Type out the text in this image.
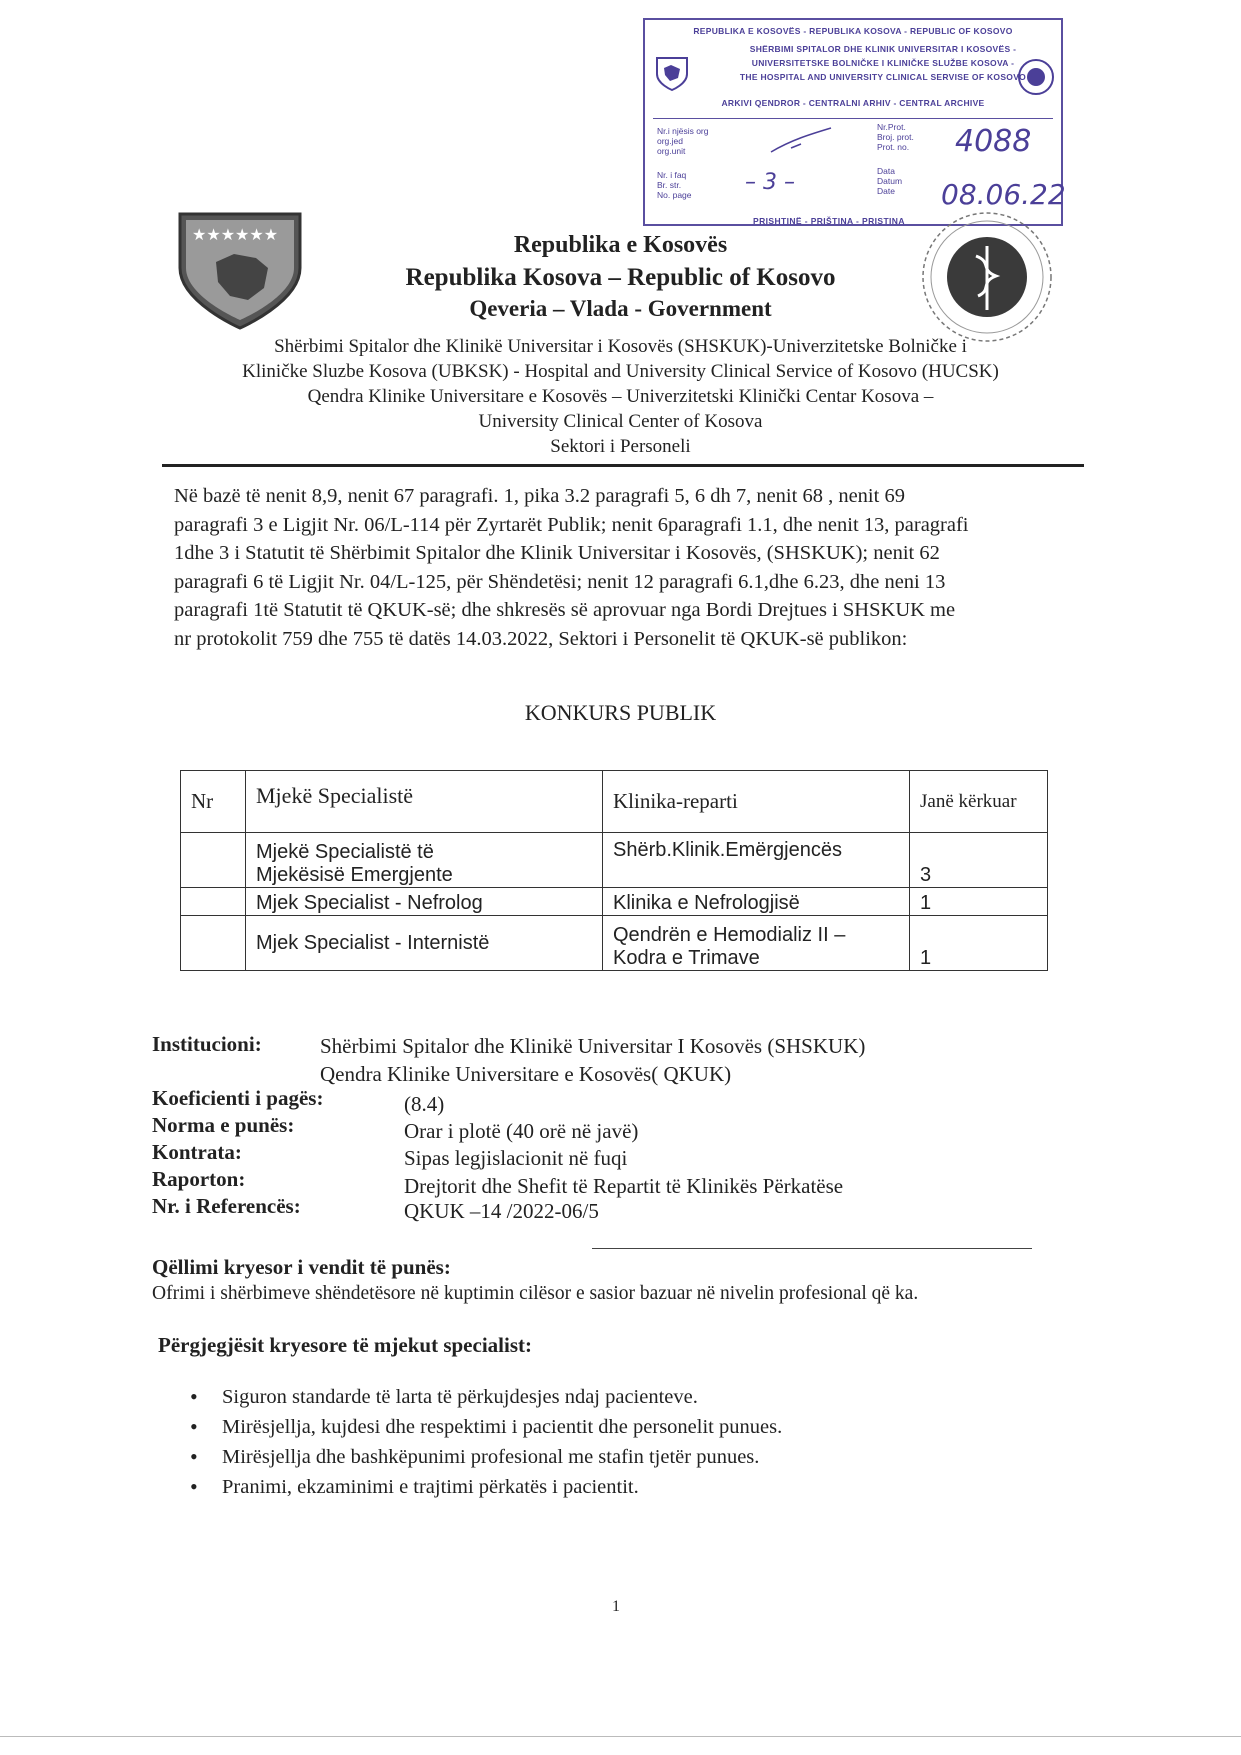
REPUBLIKA E KOSOVËS - REPUBLIKA KOSOVA - REPUBLIC OF KOSOVO
SHËRBIMI SPITALOR DHE KLINIK UNIVERSITAR I KOSOVËS -
UNIVERSITETSKE BOLNIČKE I KLINIČKE SLUŽBE KOSOVA -
THE HOSPITAL AND UNIVERSITY CLINICAL SERVISE OF KOSOVO
ARKIVI QENDROR - CENTRALNI ARHIV - CENTRAL ARCHIVE
Nr.i njësis org
org.jed
org.unit
Nr. i faq
Br. str.
No. page
Nr.Prot.
Broj. prot.
Prot. no.
Data
Datum
Date
– 3 –
4088
08.06.22
PRISHTINË - PRIŠTINA - PRISTINA
★★★★★★	Republika e Kosovës
Republika Kosova – Republic of Kosovo
Qeveria – Vlada - Government
Shërbimi Spitalor dhe Klinikë Universitar i Kosovës (SHSKUK)-Univerzitetske Bolničke i
Kliničke Sluzbe Kosova (UBKSK) - Hospital and University Clinical Service of Kosovo (HUCSK)
Qendra Klinike Universitare e Kosovës – Univerzitetski Klinički Centar Kosova –
University Clinical Center of Kosova
Sektori i Personeli
Në bazë të nenit 8,9, nenit 67 paragrafi. 1, pika 3.2 paragrafi 5, 6 dh 7, nenit 68 , nenit 69
paragrafi 3 e Ligjit Nr. 06/L-114 për Zyrtarët Publik; nenit 6paragrafi 1.1, dhe nenit 13, paragrafi
1dhe 3 i Statutit të Shërbimit Spitalor dhe Klinik Universitar i Kosovës, (SHSKUK); nenit 62
paragrafi 6 të Ligjit Nr. 04/L-125, për Shëndetësi; nenit 12 paragrafi 6.1,dhe 6.23, dhe neni 13
paragrafi 1të Statutit të QKUK-së; dhe shkresës së aprovuar nga Bordi Drejtues i SHSKUK me
nr protokolit 759 dhe 755 të datës 14.03.2022, Sektori i Personelit të QKUK-së publikon:
KONKURS PUBLIK
Nr	Mjekë Specialistë	Klinika-reparti	Janë kërkuar

	Mjekë Specialistë të
Mjekësisë Emergjente	Shërb.Klinik.Emërgjencës	3
	Mjek Specialist - Nefrolog	Klinika e Nefrologjisë	1
	Mjek Specialist - Internistë	Qendrën e Hemodializ II –
Kodra e Trimave	1
Institucioni:	Shërbimi Spitalor dhe Klinikë Universitar I Kosovës (SHSKUK)
Qendra Klinike Universitare e Kosovës( QKUK)
Koeficienti i pagës:	(8.4)
Norma e punës:	Orar i plotë (40 orë në javë)
Kontrata:	Sipas legjislacionit në fuqi
Raporton:	Drejtorit dhe Shefit të Repartit të Klinikës Përkatëse
Nr. i Referencës:	QKUK –14 /2022-06/5
Qëllimi kryesor i vendit të punës:
Ofrimi i shërbimeve shëndetësore në kuptimin cilësor e sasior bazuar në nivelin profesional që ka.
Përgjegjësit kryesore të mjekut specialist:
• Siguron standarde të larta të përkujdesjes ndaj pacienteve.
• Mirësjellja, kujdesi dhe respektimi i pacientit dhe personelit punues.
• Mirësjellja dhe bashkëpunimi profesional me stafin tjetër punues.
• Pranimi, ekzaminimi e trajtimi përkatës i pacientit.
1
